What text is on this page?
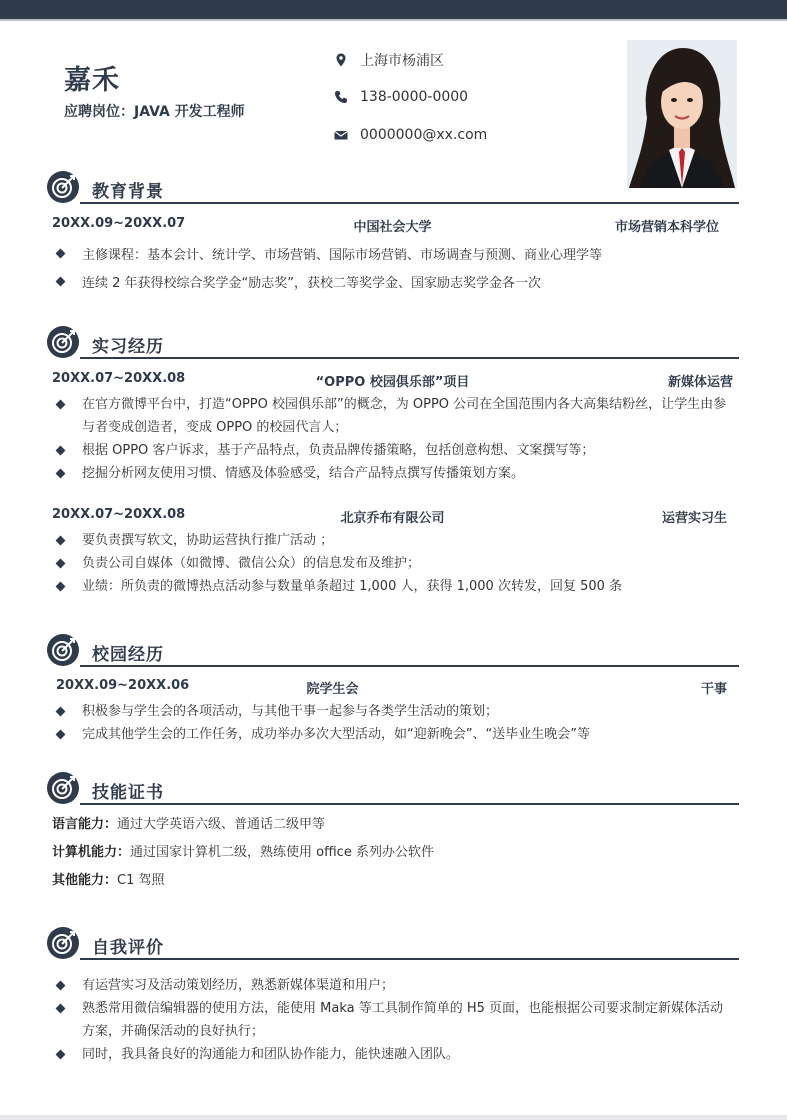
嘉禾
应聘岗位：JAVA 开发工程师
上海市杨浦区
138-0000-0000
0000000@xx.com
教育背景
20XX.09~20XX.07	中国社会大学	市场营销本科学位
主修课程：基本会计、统计学、市场营销、国际市场营销、市场调查与预测、商业心理学等
连续 2 年获得校综合奖学金“励志奖”，获校二等奖学金、国家励志奖学金各一次
实习经历
20XX.07~20XX.08	“OPPO 校园俱乐部”项目	新媒体运营
在官方微博平台中，打造“OPPO 校园俱乐部”的概念，为 OPPO 公司在全国范围内各大高集结粉丝，让学生由参与者变成创造者，变成 OPPO 的校园代言人；
根据 OPPO 客户诉求，基于产品特点，负责品牌传播策略，包括创意构想、文案撰写等；
挖掘分析网友使用习惯、情感及体验感受，结合产品特点撰写传播策划方案。
20XX.07~20XX.08	北京乔布有限公司	运营实习生
要负责撰写软文，协助运营执行推广活动 ；
负责公司自媒体（如微博、微信公众）的信息发布及维护；
业绩：所负责的微博热点活动参与数量单条超过 1,000 人，获得 1,000 次转发，回复 500 条
校园经历
20XX.09~20XX.06	院学生会	干事
积极参与学生会的各项活动，与其他干事一起参与各类学生活动的策划；
完成其他学生会的工作任务，成功举办多次大型活动，如“迎新晚会”、“送毕业生晚会”等
技能证书
语言能力：通过大学英语六级、普通话二级甲等
计算机能力：通过国家计算机二级，熟练使用 office 系列办公软件
其他能力：C1 驾照
自我评价
有运营实习及活动策划经历，熟悉新媒体渠道和用户；
熟悉常用微信编辑器的使用方法，能使用 Maka 等工具制作简单的 H5 页面，也能根据公司要求制定新媒体活动方案，并确保活动的良好执行；
同时，我具备良好的沟通能力和团队协作能力，能快速融入团队。
